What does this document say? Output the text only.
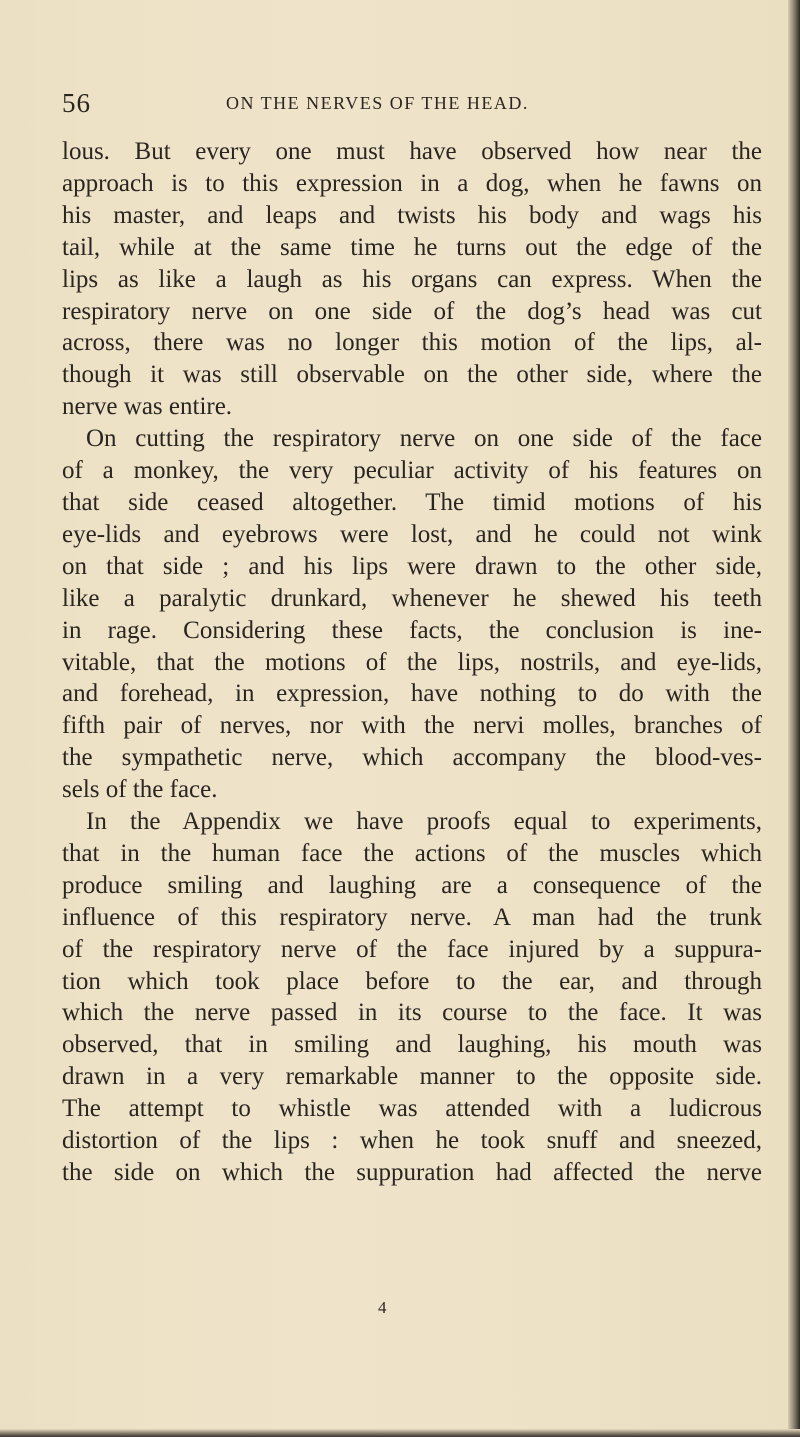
56	ON THE NERVES OF THE HEAD.
lous. But every one must have observed how near the
approach is to this expression in a dog, when he fawns on
his master, and leaps and twists his body and wags his
tail, while at the same time he turns out the edge of the
lips as like a laugh as his organs can express. When the
respiratory nerve on one side of the dog’s head was cut
across, there was no longer this motion of the lips, al-
though it was still observable on the other side, where the
nerve was entire.
On cutting the respiratory nerve on one side of the face
of a monkey, the very peculiar activity of his features on
that side ceased altogether. The timid motions of his
eye-lids and eyebrows were lost, and he could not wink
on that side ; and his lips were drawn to the other side,
like a paralytic drunkard, whenever he shewed his teeth
in rage. Considering these facts, the conclusion is ine-
vitable, that the motions of the lips, nostrils, and eye-lids,
and forehead, in expression, have nothing to do with the
fifth pair of nerves, nor with the nervi molles, branches of
the sympathetic nerve, which accompany the blood-ves-
sels of the face.
In the Appendix we have proofs equal to experiments,
that in the human face the actions of the muscles which
produce smiling and laughing are a consequence of the
influence of this respiratory nerve. A man had the trunk
of the respiratory nerve of the face injured by a suppura-
tion which took place before to the ear, and through
which the nerve passed in its course to the face. It was
observed, that in smiling and laughing, his mouth was
drawn in a very remarkable manner to the opposite side.
The attempt to whistle was attended with a ludicrous
distortion of the lips : when he took snuff and sneezed,
the side on which the suppuration had affected the nerve
4
